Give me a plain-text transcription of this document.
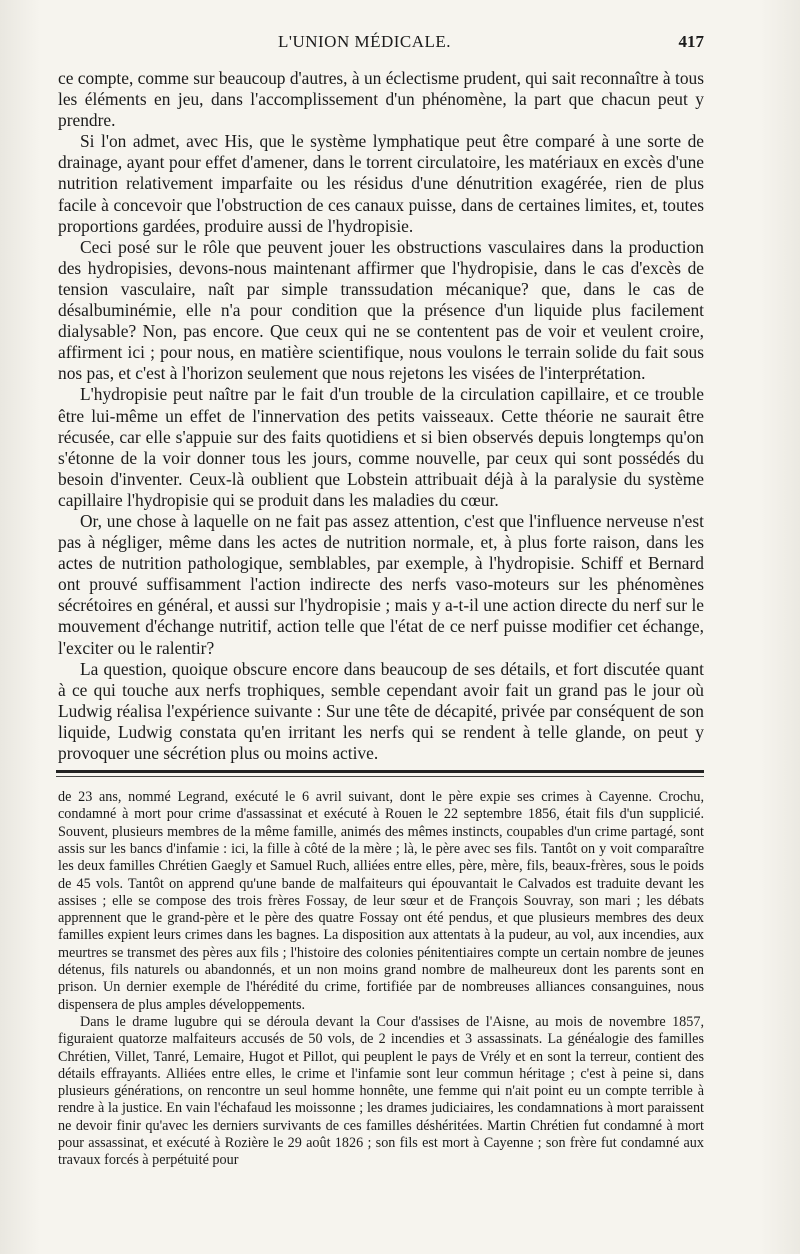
L'UNION MÉDICALE.	417

ce compte, comme sur beaucoup d'autres, à un éclectisme prudent, qui sait reconnaître à tous les éléments en jeu, dans l'accomplissement d'un phénomène, la part que chacun peut y prendre.

Si l'on admet, avec His, que le système lymphatique peut être comparé à une sorte de drainage, ayant pour effet d'amener, dans le torrent circulatoire, les matériaux en excès d'une nutrition relativement imparfaite ou les résidus d'une dénutrition exagérée, rien de plus facile à concevoir que l'obstruction de ces canaux puisse, dans de certaines limites, et, toutes proportions gardées, produire aussi de l'hydropisie.

Ceci posé sur le rôle que peuvent jouer les obstructions vasculaires dans la production des hydropisies, devons-nous maintenant affirmer que l'hydropisie, dans le cas d'excès de tension vasculaire, naît par simple transsudation mécanique? que, dans le cas de désalbuminémie, elle n'a pour condition que la présence d'un liquide plus facilement dialysable? Non, pas encore. Que ceux qui ne se contentent pas de voir et veulent croire, affirment ici ; pour nous, en matière scientifique, nous voulons le terrain solide du fait sous nos pas, et c'est à l'horizon seulement que nous rejetons les visées de l'interprétation.

L'hydropisie peut naître par le fait d'un trouble de la circulation capillaire, et ce trouble être lui-même un effet de l'innervation des petits vaisseaux. Cette théorie ne saurait être récusée, car elle s'appuie sur des faits quotidiens et si bien observés depuis longtemps qu'on s'étonne de la voir donner tous les jours, comme nouvelle, par ceux qui sont possédés du besoin d'inventer. Ceux-là oublient que Lobstein attribuait déjà à la paralysie du système capillaire l'hydropisie qui se produit dans les maladies du cœur.

Or, une chose à laquelle on ne fait pas assez attention, c'est que l'influence nerveuse n'est pas à négliger, même dans les actes de nutrition normale, et, à plus forte raison, dans les actes de nutrition pathologique, semblables, par exemple, à l'hydropisie. Schiff et Bernard ont prouvé suffisamment l'action indirecte des nerfs vaso-moteurs sur les phénomènes sécrétoires en général, et aussi sur l'hydropisie ; mais y a-t-il une action directe du nerf sur le mouvement d'échange nutritif, action telle que l'état de ce nerf puisse modifier cet échange, l'exciter ou le ralentir?

La question, quoique obscure encore dans beaucoup de ses détails, et fort discutée quant à ce qui touche aux nerfs trophiques, semble cependant avoir fait un grand pas le jour où Ludwig réalisa l'expérience suivante : Sur une tête de décapité, privée par conséquent de son liquide, Ludwig constata qu'en irritant les nerfs qui se rendent à telle glande, on peut y provoquer une sécrétion plus ou moins active.

de 23 ans, nommé Legrand, exécuté le 6 avril suivant, dont le père expie ses crimes à Cayenne. Crochu, condamné à mort pour crime d'assassinat et exécuté à Rouen le 22 septembre 1856, était fils d'un supplicié. Souvent, plusieurs membres de la même famille, animés des mêmes instincts, coupables d'un crime partagé, sont assis sur les bancs d'infamie : ici, la fille à côté de la mère ; là, le père avec ses fils. Tantôt on y voit comparaître les deux familles Chrétien Gaegly et Samuel Ruch, alliées entre elles, père, mère, fils, beaux-frères, sous le poids de 45 vols. Tantôt on apprend qu'une bande de malfaiteurs qui épouvantait le Calvados est traduite devant les assises ; elle se compose des trois frères Fossay, de leur sœur et de François Souvray, son mari ; les débats apprennent que le grand-père et le père des quatre Fossay ont été pendus, et que plusieurs membres des deux familles expient leurs crimes dans les bagnes. La disposition aux attentats à la pudeur, au vol, aux incendies, aux meurtres se transmet des pères aux fils ; l'histoire des colonies pénitentiaires compte un certain nombre de jeunes détenus, fils naturels ou abandonnés, et un non moins grand nombre de malheureux dont les parents sont en prison. Un dernier exemple de l'hérédité du crime, fortifiée par de nombreuses alliances consanguines, nous dispensera de plus amples développements.

Dans le drame lugubre qui se déroula devant la Cour d'assises de l'Aisne, au mois de novembre 1857, figuraient quatorze malfaiteurs accusés de 50 vols, de 2 incendies et 3 assassinats. La généalogie des familles Chrétien, Villet, Tanré, Lemaire, Hugot et Pillot, qui peuplent le pays de Vrély et en sont la terreur, contient des détails effrayants. Alliées entre elles, le crime et l'infamie sont leur commun héritage ; c'est à peine si, dans plusieurs générations, on rencontre un seul homme honnête, une femme qui n'ait point eu un compte terrible à rendre à la justice. En vain l'échafaud les moissonne ; les drames judiciaires, les condamnations à mort paraissent ne devoir finir qu'avec les derniers survivants de ces familles déshéritées. Martin Chrétien fut condamné à mort pour assassinat, et exécuté à Rozière le 29 août 1826 ; son fils est mort à Cayenne ; son frère fut condamné aux travaux forcés à perpétuité pour
